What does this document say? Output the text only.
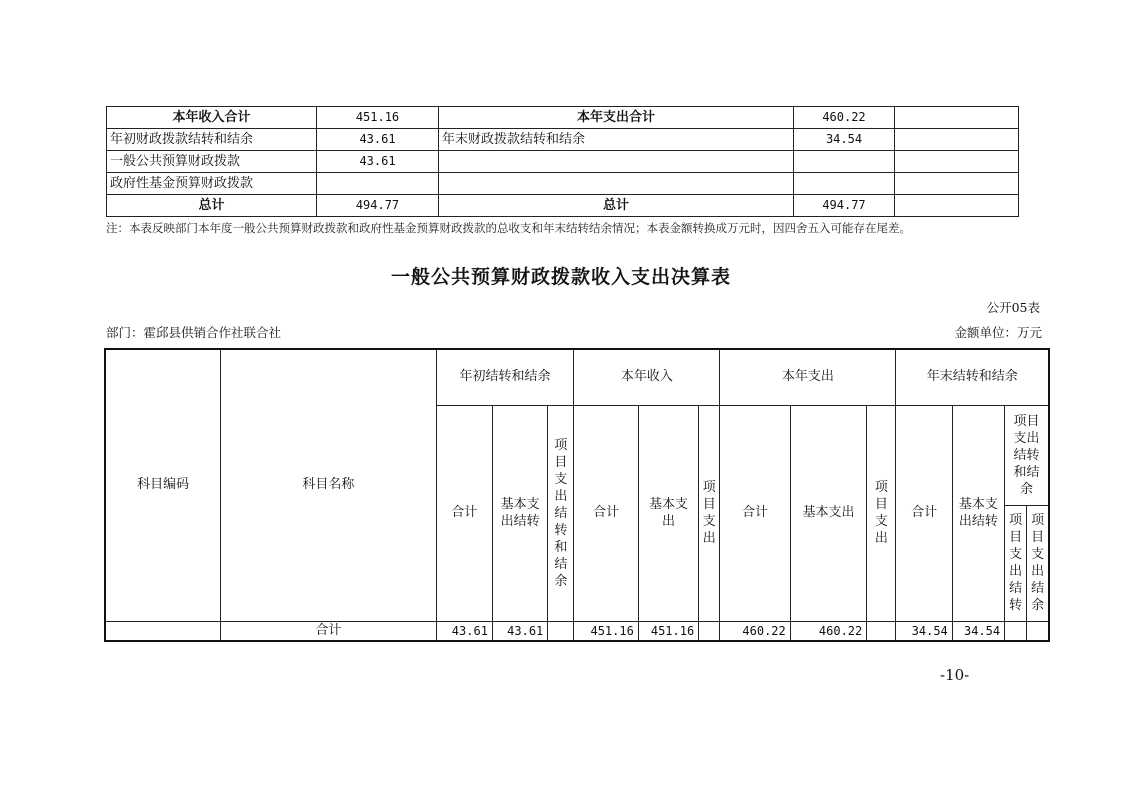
本年收入合计	451.16	本年支出合计	460.22	
年初财政拨款结转和结余	43.61	年末财政拨款结转和结余	34.54	
一般公共预算财政拨款	43.61			
政府性基金预算财政拨款				
总计	494.77	总计	494.77	
注：本表反映部门本年度一般公共预算财政拨款和政府性基金预算财政拨款的总收支和年末结转结余情况；本表金额转换成万元时，因四舍五入可能存在尾差。
一般公共预算财政拨款收入支出决算表
公开05表
部门：霍邱县供销合作社联合社	金额单位：万元
科目编码	科目名称	年初结转和结余			本年收入			本年支出			年末结转和结余			
		合计	基本支出结转	项目支出结转和结余	合计	基本支出	项目支出	合计	基本支出	项目支出	合计	基本支出结转	项目支出结转和结余	

													项目支出结转	项目支出结余

	合计	43.61	43.61		451.16	451.16		460.22	460.22		34.54	34.54		
-10-
